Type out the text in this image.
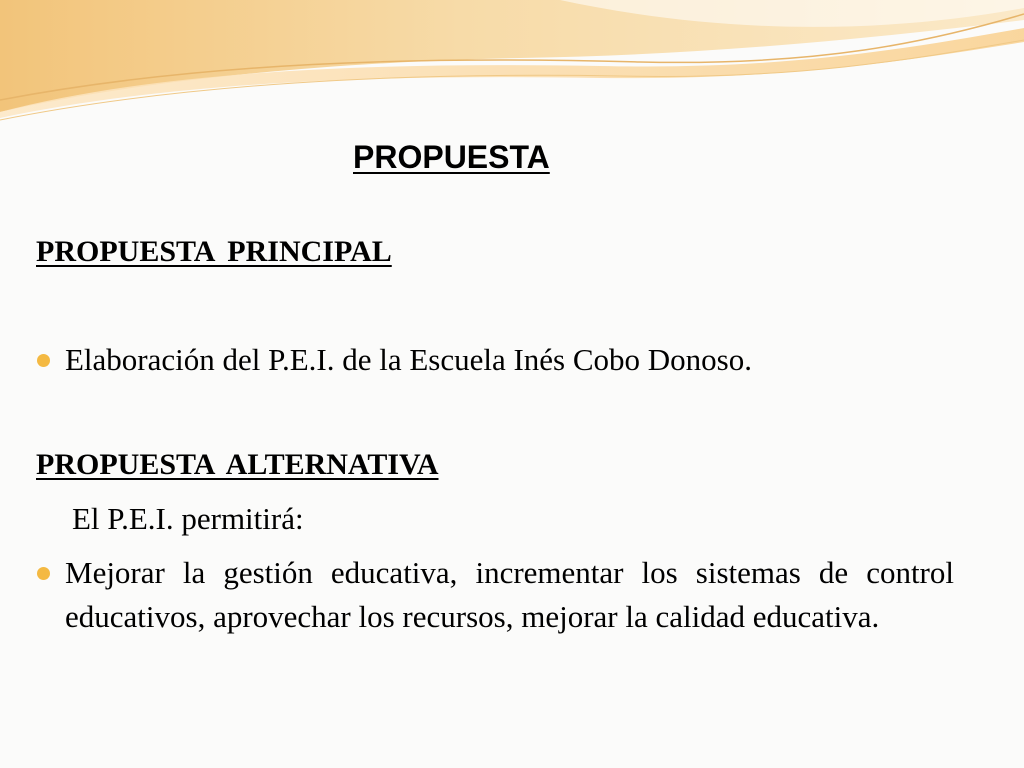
PROPUESTA
PROPUESTA PRINCIPAL
Elaboración del P.E.I. de la Escuela Inés Cobo Donoso.
PROPUESTA ALTERNATIVA

El P.E.I. permitirá:

Mejorar la gestión educativa, incrementar los sistemas de control educativos, aprovechar los recursos, mejorar la calidad educativa.
